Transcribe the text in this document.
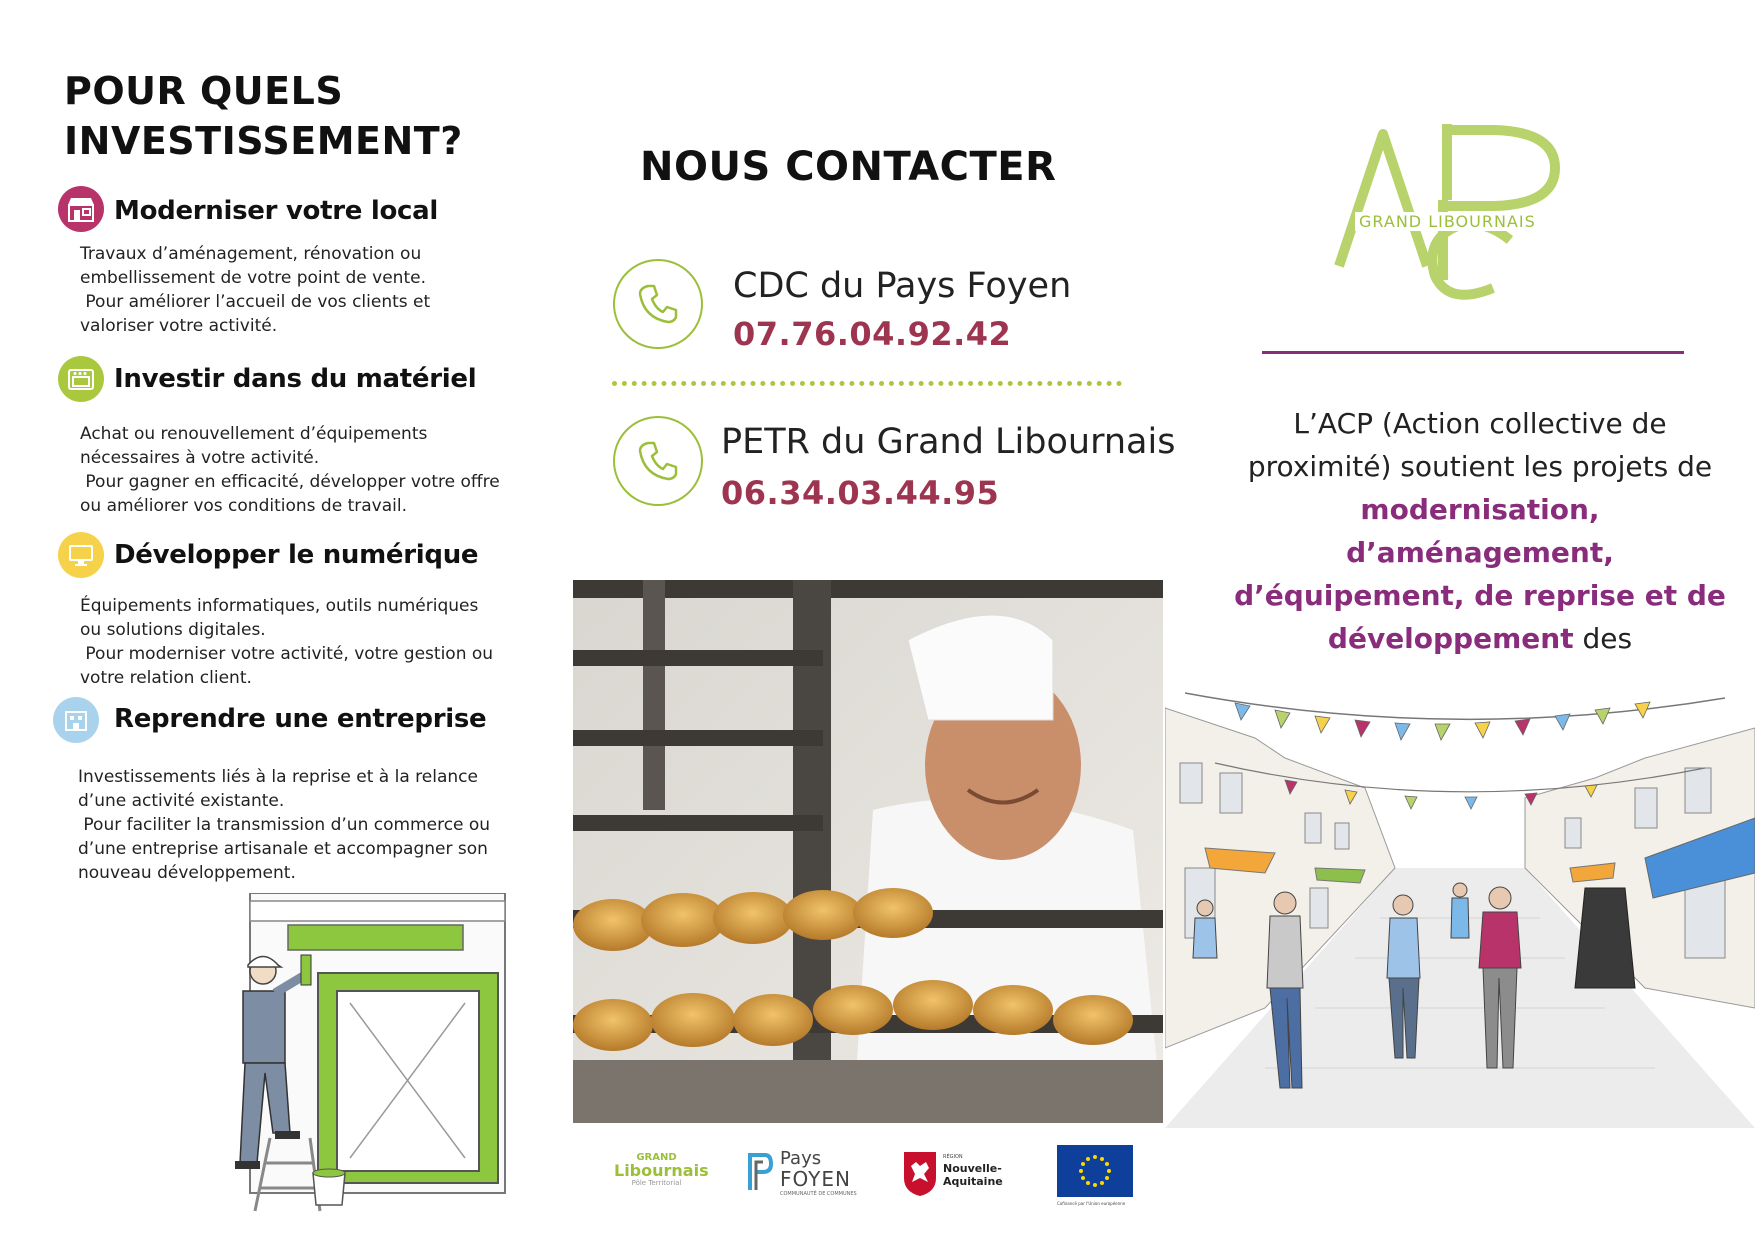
POUR QUELS
INVESTISSEMENT?
Moderniser votre local

Travaux d’aménagement, rénovation ou

embellissement de votre point de vente.

Pour améliorer l’accueil de vos clients et

valoriser votre activité.

Investir dans du matériel

Achat ou renouvellement d’équipements

nécessaires à votre activité.

Pour gagner en efficacité, développer votre offre

ou améliorer vos conditions de travail.

Développer le numérique

Équipements informatiques, outils numériques

ou solutions digitales.

Pour moderniser votre activité, votre gestion ou

votre relation client.

Reprendre une entreprise

Investissements liés à la reprise et à la relance

d’une activité existante.

Pour faciliter la transmission d’un commerce ou

d’une entreprise artisanale et accompagner son

nouveau développement.

NOUS CONTACTER
CDC du Pays Foyen
07.76.04.92.42
PETR du Grand Libournais
06.34.03.44.95
GRAND
Libournais
Pôle Territorial
Pays
FOYEN
COMMUNAUTÉ DE COMMUNES
RÉGION
Nouvelle-
Aquitaine
Cofinancé par l'Union européenne
GRAND LIBOURNAIS
L’ACP (Action collective de
proximité) soutient les projets de
modernisation, d’aménagement,
d’équipement, de reprise et de
développement des
